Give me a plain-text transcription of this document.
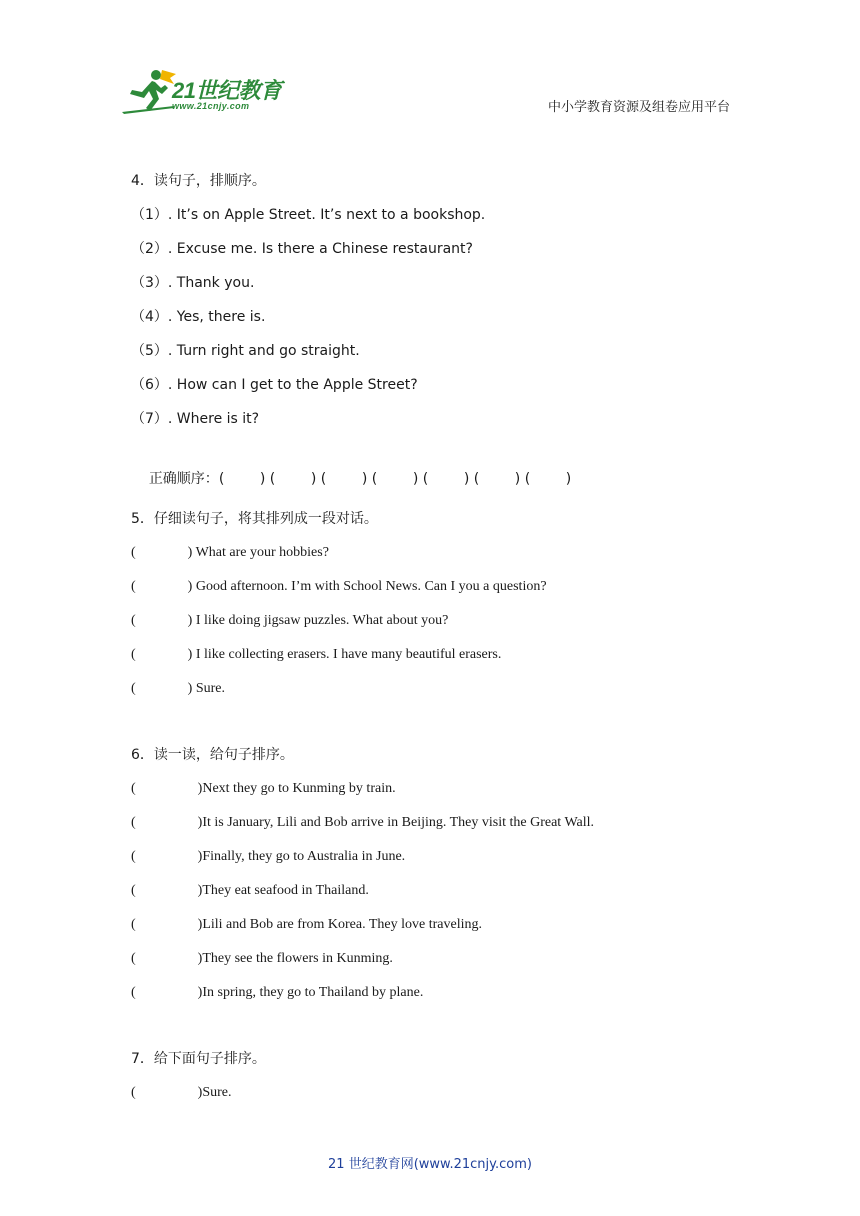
21世纪教育
www.21cnjy.com	中小学教育资源及组卷应用平台
4．读句子，排顺序。
（1）. It’s on Apple Street. It’s next to a bookshop.
（2）. Excuse me. Is there a Chinese restaurant?
（3）. Thank you.
（4）. Yes, there is.
（5）. Turn right and go straight.
（6）. How can I get to the Apple Street?
（7）. Where is it?

正确顺序：(        ) (        ) (        ) (        ) (        ) (        ) (        )

5．仔细读句子，将其排列成一段对话。
(	) What are your hobbies?
(	) Good afternoon. I’m with School News. Can I you a question?
(	) I like doing jigsaw puzzles. What about you?
(	) I like collecting erasers. I have many beautiful erasers.
(	) Sure.
6．读一读，给句子排序。
(	)Next they go to Kunming by train.
(	)It is January, Lili and Bob arrive in Beijing. They visit the Great Wall.
(	)Finally, they go to Australia in June.
(	)They eat seafood in Thailand.
(	)Lili and Bob are from Korea. They love traveling.
(	)They see the flowers in Kunming.
(	)In spring, they go to Thailand by plane.
7．给下面句子排序。
(	)Sure.
21 世纪教育网(www.21cnjy.com)
